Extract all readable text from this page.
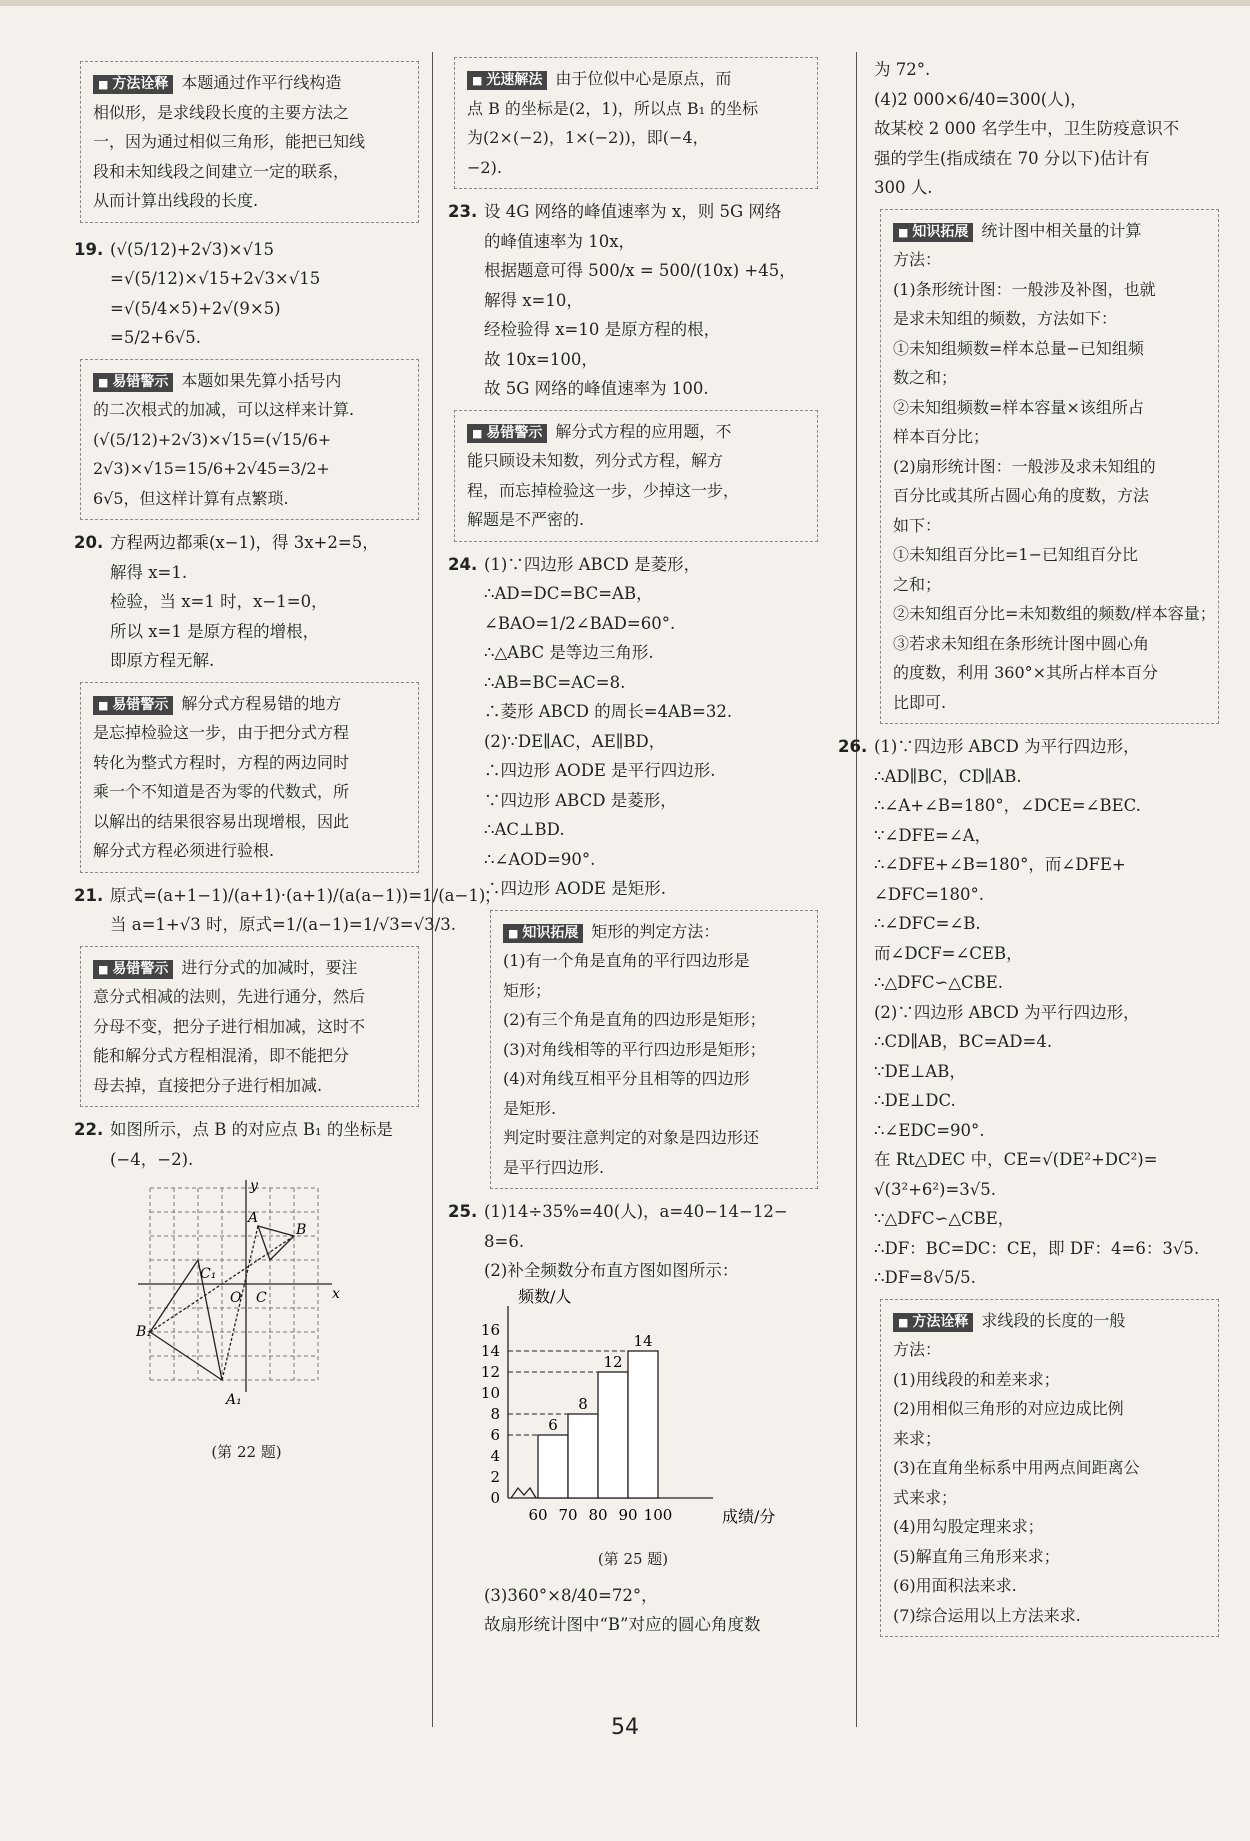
■ 方法诠释 本题通过作平行线构造
相似形，是求线段长度的主要方法之
一，因为通过相似三角形，能把已知线
段和未知线段之间建立一定的联系，
从而计算出线段的长度.
19. (√(5/12)+2√3)×√15
=√(5/12)×√15+2√3×√15
=√(5/4×5)+2√(9×5)
=5/2+6√5.
■ 易错警示 本题如果先算小括号内
的二次根式的加减，可以这样来计算.
(√(5/12)+2√3)×√15=(√15/6+
2√3)×√15=15/6+2√45=3/2+
6√5，但这样计算有点繁琐.
20. 方程两边都乘(x−1)，得 3x+2=5，
解得 x=1.
检验，当 x=1 时，x−1=0，
所以 x=1 是原方程的增根，
即原方程无解.
■ 易错警示 解分式方程易错的地方
是忘掉检验这一步，由于把分式方程
转化为整式方程时，方程的两边同时
乘一个不知道是否为零的代数式，所
以解出的结果很容易出现增根，因此
解分式方程必须进行验根.
21. 原式=(a+1−1)/(a+1)·(a+1)/(a(a−1))=1/(a−1)，
当 a=1+√3 时，原式=1/(a−1)=1/√3=√3/3.
■ 易错警示 进行分式的加减时，要注
意分式相减的法则，先进行通分，然后
分母不变，把分子进行相加减，这时不
能和解分式方程相混淆，即不能把分
母去掉，直接把分子进行相加减.
22. 如图所示，点 B 的对应点 B₁ 的坐标是
(−4，−2).
y
x
O
A
B
C
A₁
B₁
C₁
(第 22 题)
■ 光速解法 由于位似中心是原点，而
点 B 的坐标是(2，1)，所以点 B₁ 的坐标
为(2×(−2)，1×(−2))，即(−4，
−2).
23. 设 4G 网络的峰值速率为 x，则 5G 网络
的峰值速率为 10x，
根据题意可得 500/x = 500/(10x) +45，
解得 x=10，
经检验得 x=10 是原方程的根，
故 10x=100，
故 5G 网络的峰值速率为 100.
■ 易错警示 解分式方程的应用题，不
能只顾设未知数，列分式方程，解方
程，而忘掉检验这一步，少掉这一步，
解题是不严密的.
24. (1)∵四边形 ABCD 是菱形，
∴AD=DC=BC=AB，
∠BAO=1/2∠BAD=60°.
∴△ABC 是等边三角形.
∴AB=BC=AC=8.
∴菱形 ABCD 的周长=4AB=32.
(2)∵DE∥AC，AE∥BD，
∴四边形 AODE 是平行四边形.
∵四边形 ABCD 是菱形，
∴AC⊥BD.
∴∠AOD=90°.
∴四边形 AODE 是矩形.
■ 知识拓展 矩形的判定方法：
(1)有一个角是直角的平行四边形是
矩形；
(2)有三个角是直角的四边形是矩形；
(3)对角线相等的平行四边形是矩形；
(4)对角线互相平分且相等的四边形
是矩形.
判定时要注意判定的对象是四边形还
是平行四边形.
25. (1)14÷35%=40(人)，a=40−14−12−
8=6.
(2)补全频数分布直方图如图所示：
6
8
12
14
0
2
4
6
8
10
12
14
16
60 70 80 90 100
频数/人
成绩/分
(第 25 题)
(3)360°×8/40=72°，
故扇形统计图中“B”对应的圆心角度数
为 72°.
(4)2 000×6/40=300(人)，
故某校 2 000 名学生中，卫生防疫意识不
强的学生(指成绩在 70 分以下)估计有
300 人.
■ 知识拓展 统计图中相关量的计算
方法：
(1)条形统计图：一般涉及补图，也就
是求未知组的频数，方法如下：
①未知组频数=样本总量−已知组频
数之和；
②未知组频数=样本容量×该组所占
样本百分比；
(2)扇形统计图：一般涉及求未知组的
百分比或其所占圆心角的度数，方法
如下：
①未知组百分比=1−已知组百分比
之和；
②未知组百分比=未知数组的频数/样本容量；
③若求未知组在条形统计图中圆心角
的度数，利用 360°×其所占样本百分
比即可.
26. (1)∵四边形 ABCD 为平行四边形，
∴AD∥BC，CD∥AB.
∴∠A+∠B=180°，∠DCE=∠BEC.
∵∠DFE=∠A，
∴∠DFE+∠B=180°，而∠DFE+
∠DFC=180°.
∴∠DFC=∠B.
而∠DCF=∠CEB，
∴△DFC∽△CBE.
(2)∵四边形 ABCD 为平行四边形，
∴CD∥AB，BC=AD=4.
∵DE⊥AB，
∴DE⊥DC.
∴∠EDC=90°.
在 Rt△DEC 中，CE=√(DE²+DC²)=
√(3²+6²)=3√5.
∵△DFC∽△CBE，
∴DF：BC=DC：CE，即 DF：4=6：3√5.
∴DF=8√5/5.
■ 方法诠释 求线段的长度的一般
方法：
(1)用线段的和差来求；
(2)用相似三角形的对应边成比例
来求；
(3)在直角坐标系中用两点间距离公
式来求；
(4)用勾股定理来求；
(5)解直角三角形来求；
(6)用面积法来求.
(7)综合运用以上方法来求.
54
